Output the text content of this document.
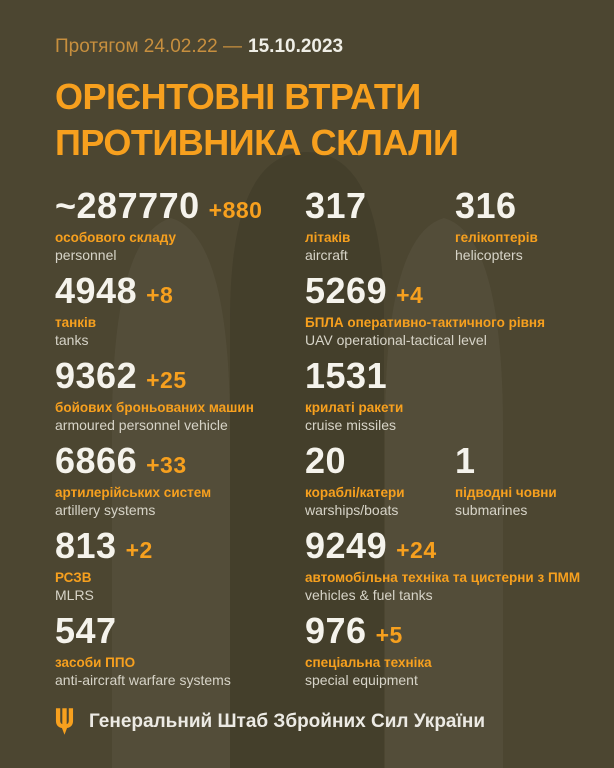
Протягом 24.02.22 — 15.10.2023
ОРІЄНТОВНІ ВТРАТИ
ПРОТИВНИКА СКЛАЛИ
~287770 +880
особового складу
personnel
317
літаків
aircraft
316
гелікоптерів
helicopters
4948 +8
танків
tanks
5269 +4
БПЛА оперативно-тактичного рівня
UAV operational-tactical level
9362 +25
бойових броньованих машин
armoured personnel vehicle
1531
крилаті ракети
cruise missiles
6866 +33
артилерійських систем
artillery systems
20
кораблі/катери
warships/boats
1
підводні човни
submarines
813 +2
РСЗВ
MLRS
9249 +24
автомобільна техніка та цистерни з ПММ
vehicles & fuel tanks
547
засоби ППО
anti-aircraft warfare systems
976 +5
спеціальна техніка
special equipment
Генеральний Штаб Збройних Сил України
